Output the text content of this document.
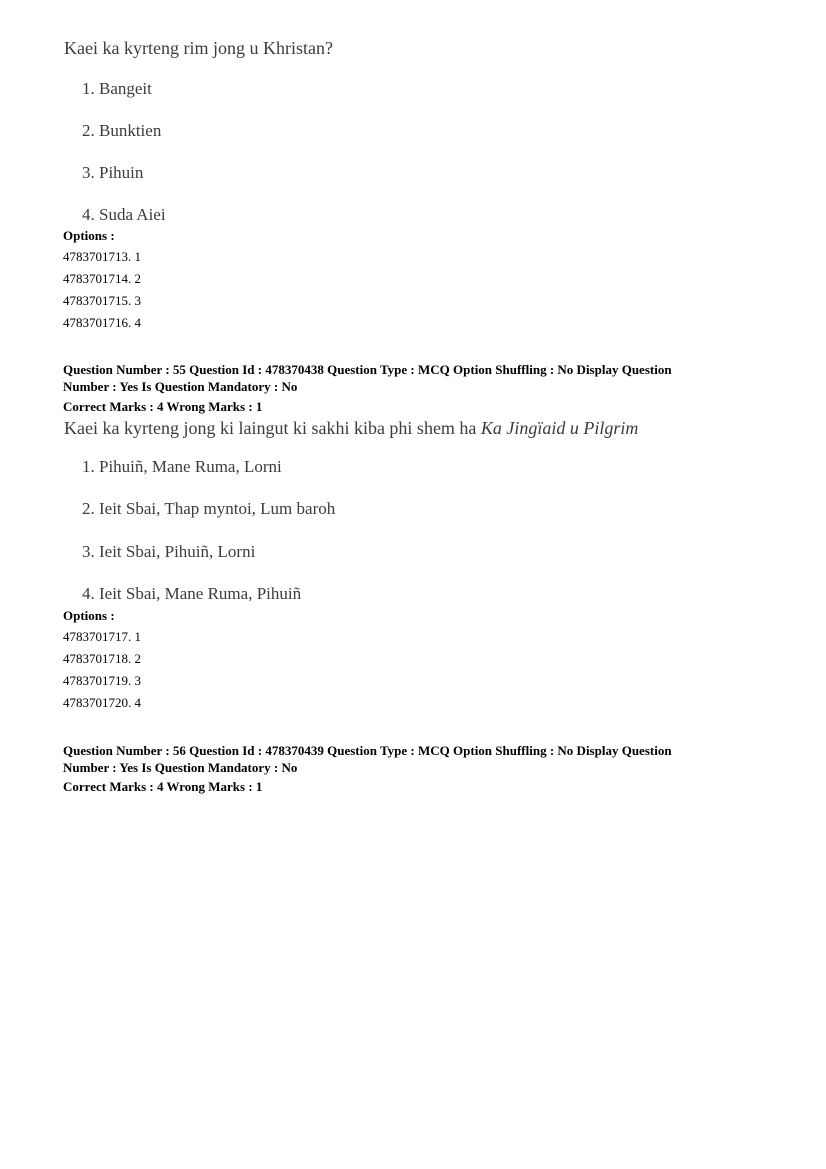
Kaei ka kyrteng rim jong u Khristan?
1. Bangeit
2. Bunktien
3. Pihuin
4. Suda Aiei
Options :
4783701713. 1
4783701714. 2
4783701715. 3
4783701716. 4
Question Number : 55 Question Id : 478370438 Question Type : MCQ Option Shuffling : No Display Question
Number : Yes Is Question Mandatory : No
Correct Marks : 4 Wrong Marks : 1
Kaei ka kyrteng jong ki laingut ki sakhi kiba phi shem ha Ka Jingïaid u Pilgrim
1. Pihuiñ, Mane Ruma, Lorni
2. Ieit Sbai, Thap myntoi, Lum baroh
3. Ieit Sbai, Pihuiñ, Lorni
4. Ieit Sbai, Mane Ruma, Pihuiñ
Options :
4783701717. 1
4783701718. 2
4783701719. 3
4783701720. 4
Question Number : 56 Question Id : 478370439 Question Type : MCQ Option Shuffling : No Display Question
Number : Yes Is Question Mandatory : No
Correct Marks : 4 Wrong Marks : 1
